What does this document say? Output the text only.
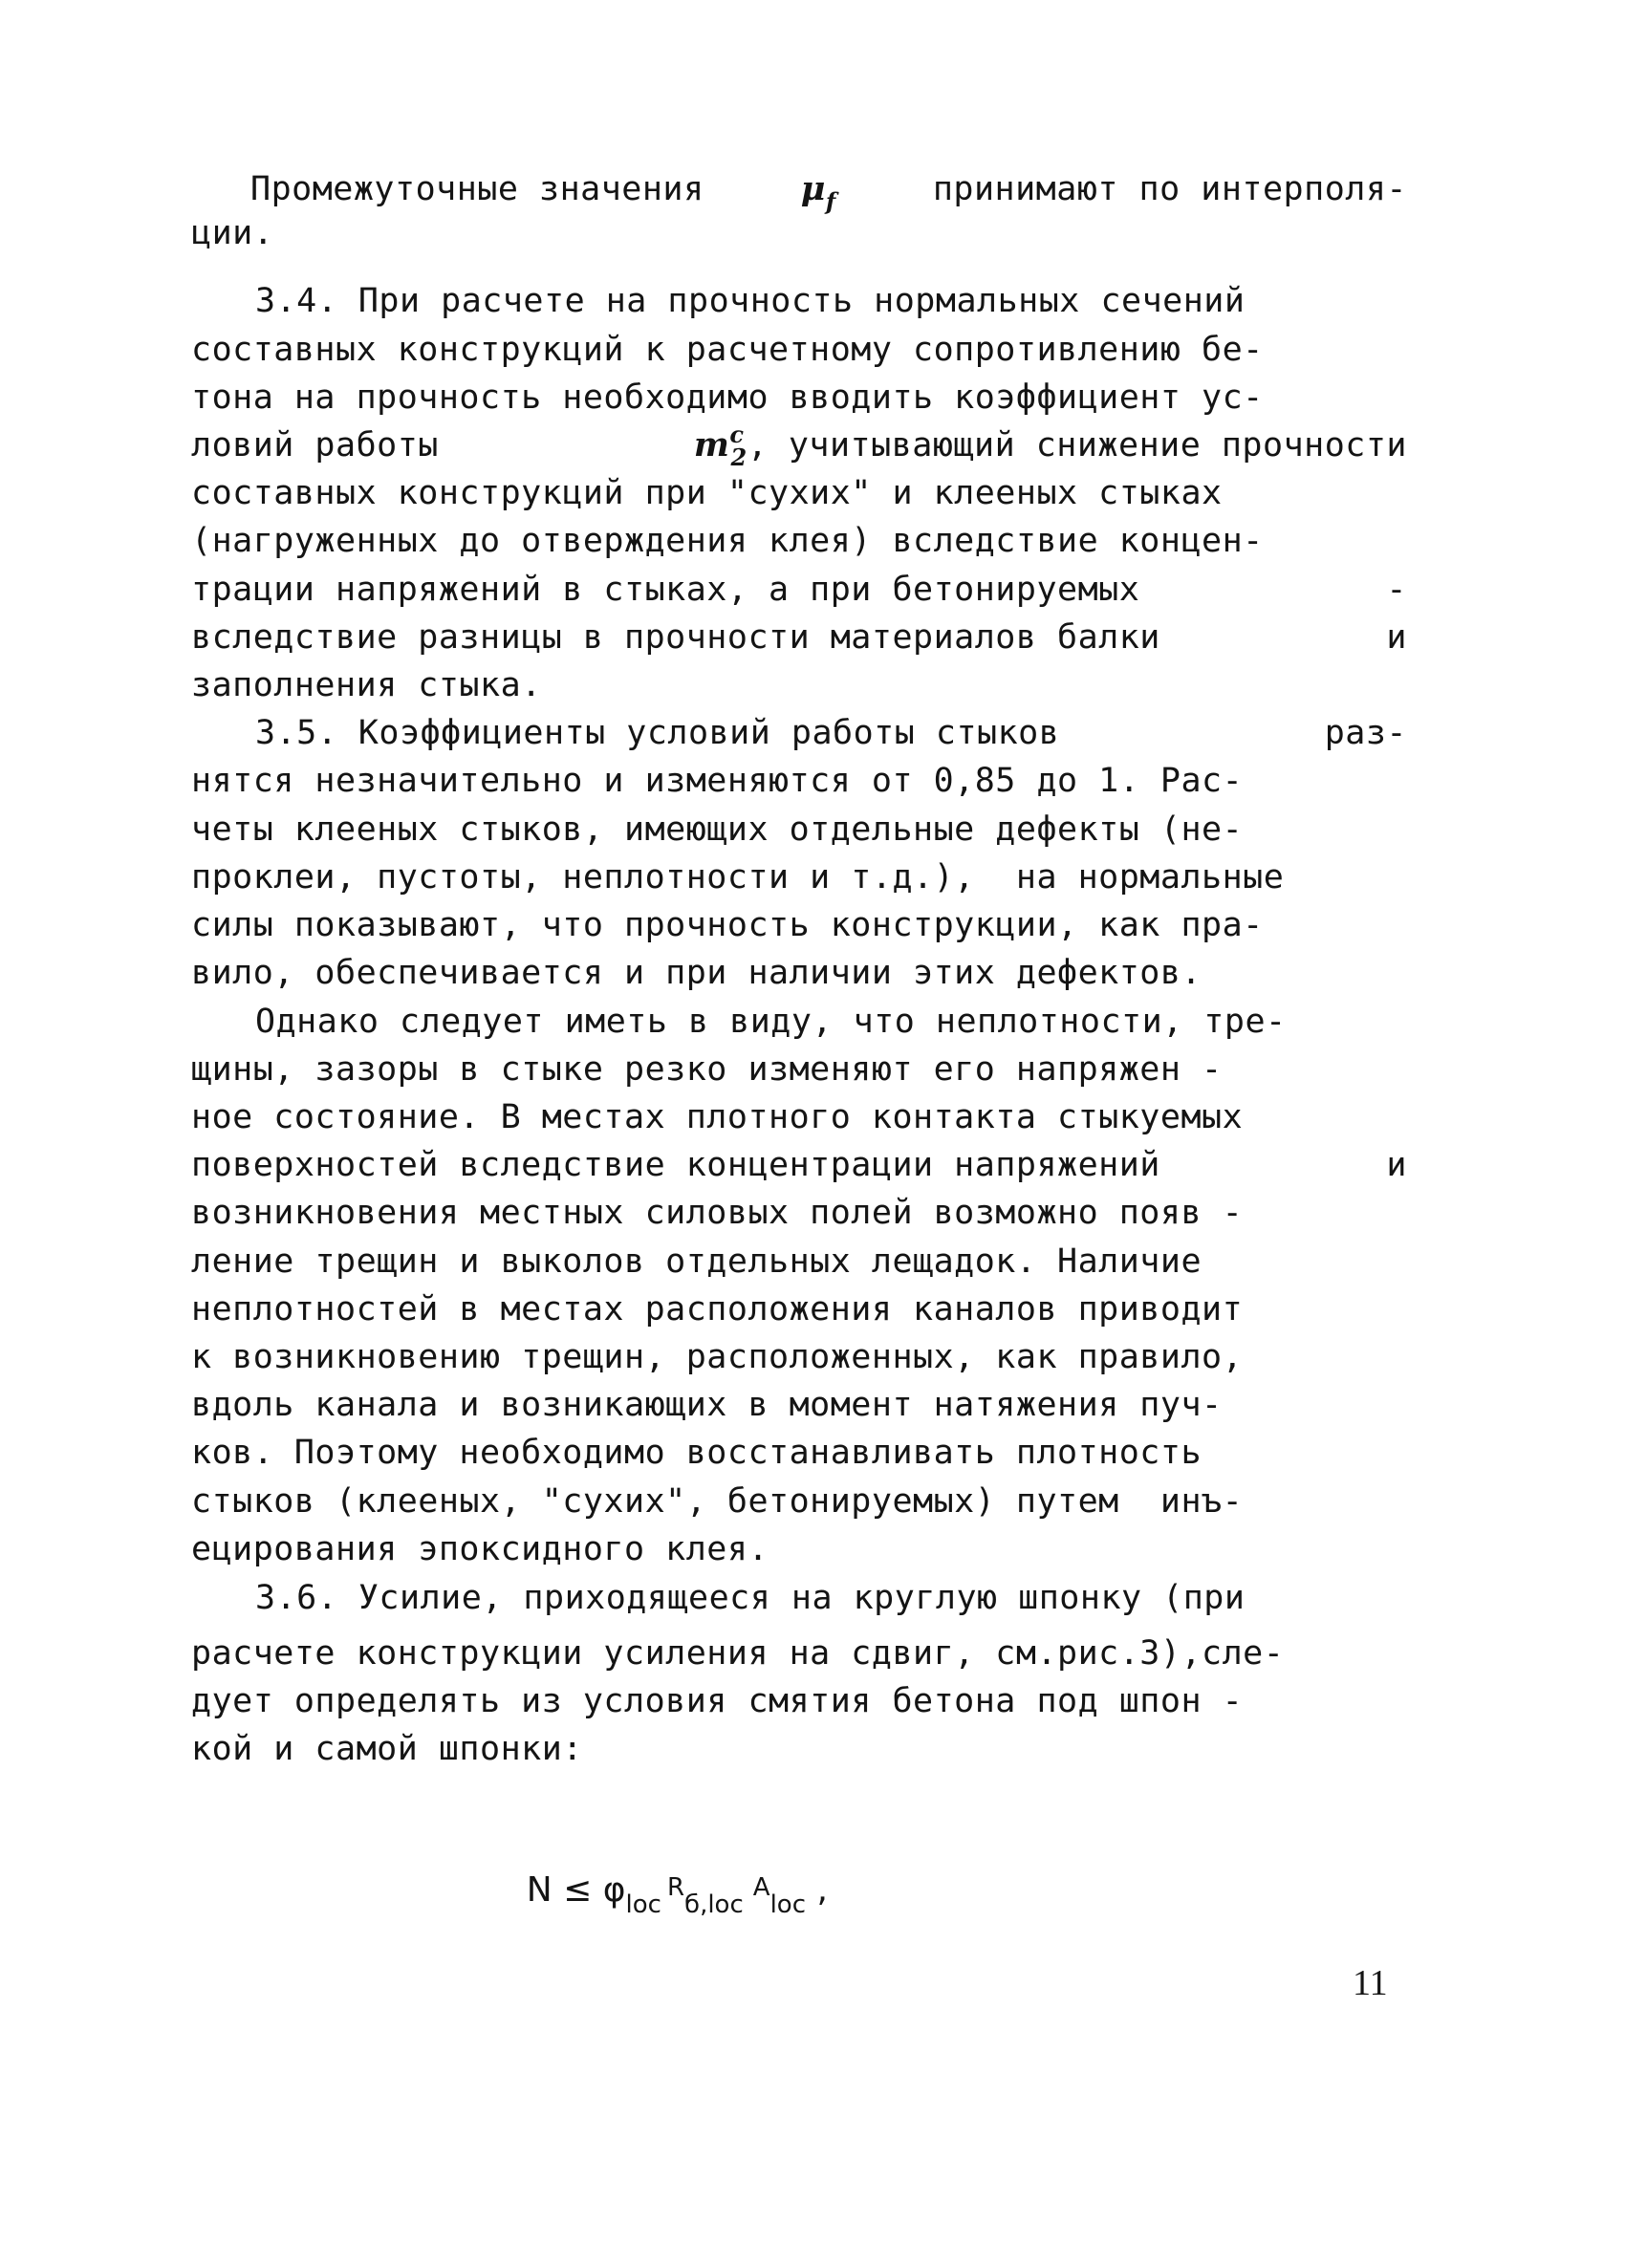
Промежуточные значения	μf	принимают по интерполя-
ции.
3.4. При расчете на прочность нормальных сечений
составных конструкций к расчетному сопротивлению бе-
тона на прочность необходимо вводить коэффициент ус-
ловий работы	mc2, учитывающий снижение прочности
составных конструкций при "сухих" и клееных стыках
(нагруженных до отверждения клея) вследствие концен-
трации напряжений в стыках, а при бетонируемых	-
вследствие разницы в прочности материалов балки	и
заполнения стыка.
3.5. Коэффициенты условий работы стыков	раз-
нятся незначительно и изменяются от 0,85 до 1. Рас-
четы клееных стыков, имеющих отдельные дефекты (не-
проклеи, пустоты, неплотности и т.д.),  на нормальные
силы показывают, что прочность конструкции, как пра-
вило, обеспечивается и при наличии этих дефектов.
Однако следует иметь в виду, что неплотности, тре-
щины, зазоры в стыке резко изменяют его напряжен -
ное состояние. В местах плотного контакта стыкуемых
поверхностей вследствие концентрации напряжений	и
возникновения местных силовых полей возможно появ -
ление трещин и выколов отдельных лещадок. Наличие
неплотностей в местах расположения каналов приводит
к возникновению трещин, расположенных, как правило,
вдоль канала и возникающих в момент натяжения пуч-
ков. Поэтому необходимо восстанавливать плотность
стыков (клееных, "сухих", бетонируемых) путем  инъ-
ецирования эпоксидного клея.
3.6. Усилие, приходящееся на круглую шпонку (при
расчете конструкции усиления на сдвиг, см.рис.3),сле-
дует определять из условия смятия бетона под шпон -
кой и самой шпонки:

$N \le \varphi_{loc}R_{б,loc}A_{loc}$ ,

11
